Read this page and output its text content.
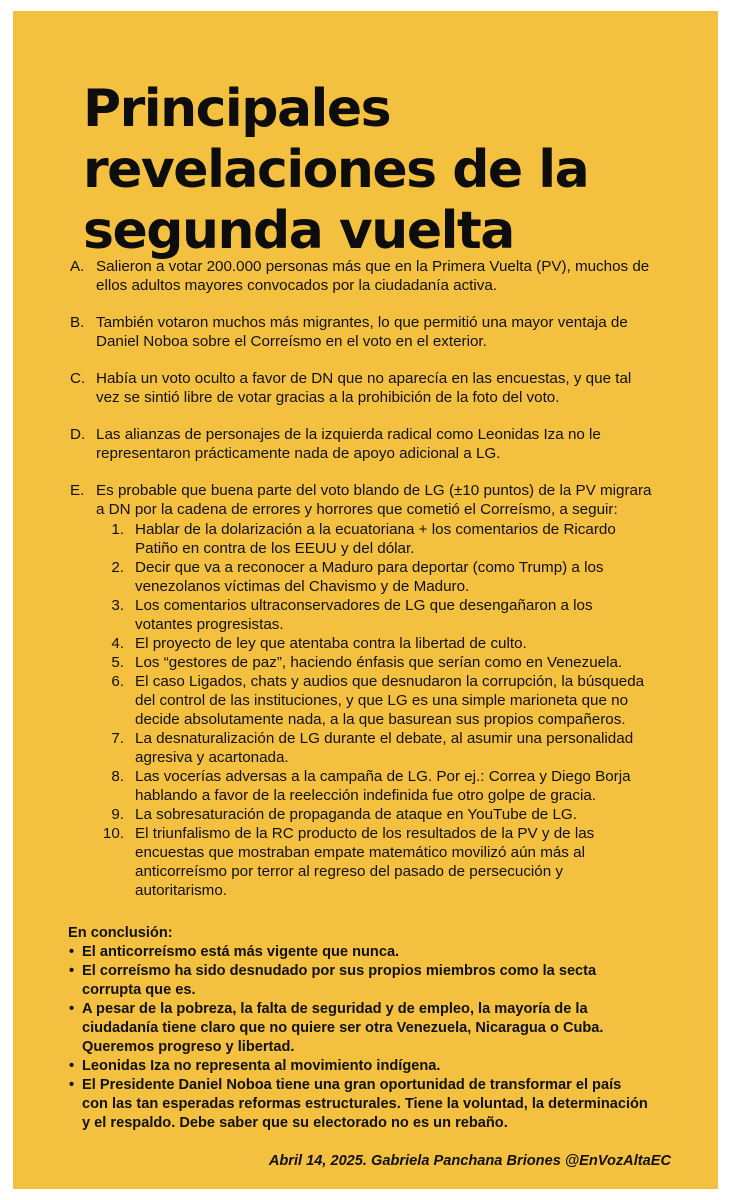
Principales
revelaciones de la
segunda vuelta
A. Salieron a votar 200.000 personas más que en la Primera Vuelta (PV), muchos de
ellos adultos mayores convocados por la ciudadanía activa.
B. También votaron muchos más migrantes, lo que permitió una mayor ventaja de
Daniel Noboa sobre el Correísmo en el voto en el exterior.
C. Había un voto oculto a favor de DN que no aparecía en las encuestas, y que tal
vez se sintió libre de votar gracias a la prohibición de la foto del voto.
D. Las alianzas de personajes de la izquierda radical como Leonidas Iza no le
representaron prácticamente nada de apoyo adicional a LG.
E. Es probable que buena parte del voto blando de LG (±10 puntos) de la PV migrara
a DN por la cadena de errores y horrores que cometió el Correísmo, a seguir:
1. Hablar de la dolarización a la ecuatoriana + los comentarios de Ricardo
Patiño en contra de los EEUU y del dólar.
2. Decir que va a reconocer a Maduro para deportar (como Trump) a los
venezolanos víctimas del Chavismo y de Maduro.
3. Los comentarios ultraconservadores de LG que desengañaron a los
votantes progresistas.
4. El proyecto de ley que atentaba contra la libertad de culto.
5. Los “gestores de paz”, haciendo énfasis que serían como en Venezuela.
6. El caso Ligados, chats y audios que desnudaron la corrupción, la búsqueda
del control de las instituciones, y que LG es una simple marioneta que no
decide absolutamente nada, a la que basurean sus propios compañeros.
7. La desnaturalización de LG durante el debate, al asumir una personalidad
agresiva y acartonada.
8. Las vocerías adversas a la campaña de LG. Por ej.: Correa y Diego Borja
hablando a favor de la reelección indefinida fue otro golpe de gracia.
9. La sobresaturación de propaganda de ataque en YouTube de LG.
10. El triunfalismo de la RC producto de los resultados de la PV y de las
encuestas que mostraban empate matemático movilizó aún más al
anticorreísmo por terror al regreso del pasado de persecución y
autoritarismo.
En conclusión:
• El anticorreísmo está más vigente que nunca.
• El correísmo ha sido desnudado por sus propios miembros como la secta
corrupta que es.
• A pesar de la pobreza, la falta de seguridad y de empleo, la mayoría de la
ciudadanía tiene claro que no quiere ser otra Venezuela, Nicaragua o Cuba.
Queremos progreso y libertad.
• Leonidas Iza no representa al movimiento indígena.
• El Presidente Daniel Noboa tiene una gran oportunidad de transformar el país
con las tan esperadas reformas estructurales. Tiene la voluntad, la determinación
y el respaldo. Debe saber que su electorado no es un rebaño.
Abril 14, 2025. Gabriela Panchana Briones @EnVozAltaEC
